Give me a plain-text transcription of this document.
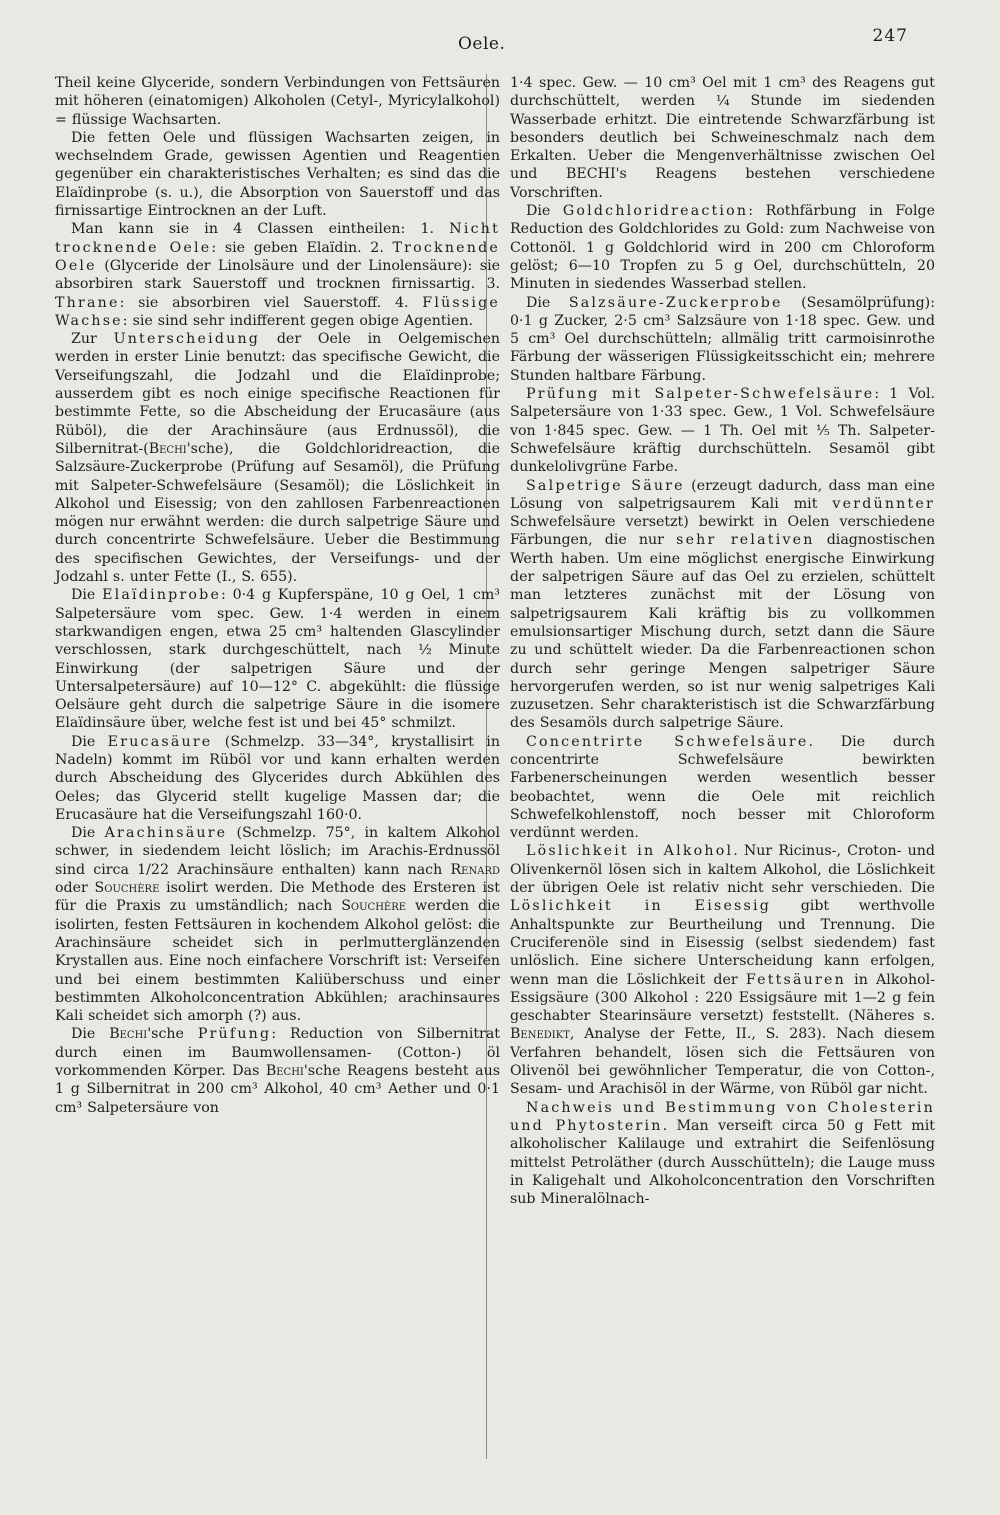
Oele.	247

Theil keine Glyceride, sondern Verbindungen von Fettsäuren mit höheren (einatomigen) Alkoholen (Cetyl-, Myricylalkohol) = flüssige Wachsarten.

Die fetten Oele und flüssigen Wachsarten zeigen, in wechselndem Grade, gewissen Agentien und Reagentien gegenüber ein charakteristisches Verhalten; es sind das die Elaïdinprobe (s. u.), die Absorption von Sauerstoff und das firnissartige Eintrocknen an der Luft.

Man kann sie in 4 Classen eintheilen: 1. Nicht trocknende Oele: sie geben Elaïdin. 2. Trocknende Oele (Glyceride der Linolsäure und der Linolensäure): sie absorbiren stark Sauerstoff und trocknen firnissartig. 3. Thrane: sie absorbiren viel Sauerstoff. 4. Flüssige Wachse: sie sind sehr indifferent gegen obige Agentien.

Zur Unterscheidung der Oele in Oelgemischen werden in erster Linie benutzt: das specifische Gewicht, die Verseifungszahl, die Jodzahl und die Elaïdinprobe; ausserdem gibt es noch einige specifische Reactionen für bestimmte Fette, so die Abscheidung der Erucasäure (aus Rüböl), die der Arachinsäure (aus Erdnussöl), die Silbernitrat-(Bechi'sche), die Goldchloridreaction, die Salzsäure-Zuckerprobe (Prüfung auf Sesamöl), die Prüfung mit Salpeter-Schwefelsäure (Sesamöl); die Löslichkeit in Alkohol und Eisessig; von den zahllosen Farbenreactionen mögen nur erwähnt werden: die durch salpetrige Säure und durch concentrirte Schwefelsäure. Ueber die Bestimmung des specifischen Gewichtes, der Verseifungs- und der Jodzahl s. unter Fette (I., S. 655).

Die Elaïdinprobe: 0·4 g Kupferspäne, 10 g Oel, 1 cm³ Salpetersäure vom spec. Gew. 1·4 werden in einem starkwandigen engen, etwa 25 cm³ haltenden Glascylinder verschlossen, stark durchgeschüttelt, nach ½ Minute Einwirkung (der salpetrigen Säure und der Untersalpetersäure) auf 10—12° C. abgekühlt: die flüssige Oelsäure geht durch die salpetrige Säure in die isomere Elaïdinsäure über, welche fest ist und bei 45° schmilzt.

Die Erucasäure (Schmelzp. 33—34°, krystallisirt in Nadeln) kommt im Rüböl vor und kann erhalten werden durch Abscheidung des Glycerides durch Abkühlen des Oeles; das Glycerid stellt kugelige Massen dar; die Erucasäure hat die Verseifungszahl 160·0.

Die Arachinsäure (Schmelzp. 75°, in kaltem Alkohol schwer, in siedendem leicht löslich; im Arachis-Erdnussöl sind circa 1/22 Arachinsäure enthalten) kann nach Renard oder Souchère isolirt werden. Die Methode des Ersteren ist für die Praxis zu umständlich; nach Souchère werden die isolirten, festen Fettsäuren in kochendem Alkohol gelöst: die Arachinsäure scheidet sich in perlmutterglänzenden Krystallen aus. Eine noch einfachere Vorschrift ist: Verseifen und bei einem bestimmten Kaliüberschuss und einer bestimmten Alkoholconcentration Abkühlen; arachinsaures Kali scheidet sich amorph (?) aus.

Die Bechi'sche Prüfung: Reduction von Silbernitrat durch einen im Baumwollensamen- (Cotton-) öl vorkommenden Körper. Das Bechi'sche Reagens besteht aus 1 g Silbernitrat in 200 cm³ Alkohol, 40 cm³ Aether und 0·1 cm³ Salpetersäure von

1·4 spec. Gew. — 10 cm³ Oel mit 1 cm³ des Reagens gut durchschüttelt, werden ¼ Stunde im siedenden Wasserbade erhitzt. Die eintretende Schwarzfärbung ist besonders deutlich bei Schweineschmalz nach dem Erkalten. Ueber die Mengenverhältnisse zwischen Oel und BECHI's Reagens bestehen verschiedene Vorschriften.

Die Goldchloridreaction: Rothfärbung in Folge Reduction des Goldchlorides zu Gold: zum Nachweise von Cottonöl. 1 g Goldchlorid wird in 200 cm Chloroform gelöst; 6—10 Tropfen zu 5 g Oel, durchschütteln, 20 Minuten in siedendes Wasserbad stellen.

Die Salzsäure-Zuckerprobe (Sesamölprüfung): 0·1 g Zucker, 2·5 cm³ Salzsäure von 1·18 spec. Gew. und 5 cm³ Oel durchschütteln; allmälig tritt carmoisinrothe Färbung der wässerigen Flüssigkeitsschicht ein; mehrere Stunden haltbare Färbung.

Prüfung mit Salpeter-Schwefelsäure: 1 Vol. Salpetersäure von 1·33 spec. Gew., 1 Vol. Schwefelsäure von 1·845 spec. Gew. — 1 Th. Oel mit ⅕ Th. Salpeter-Schwefelsäure kräftig durchschütteln. Sesamöl gibt dunkelolivgrüne Farbe.

Salpetrige Säure (erzeugt dadurch, dass man eine Lösung von salpetrigsaurem Kali mit verdünnter Schwefelsäure versetzt) bewirkt in Oelen verschiedene Färbungen, die nur sehr relativen diagnostischen Werth haben. Um eine möglichst energische Einwirkung der salpetrigen Säure auf das Oel zu erzielen, schüttelt man letzteres zunächst mit der Lösung von salpetrigsaurem Kali kräftig bis zu vollkommen emulsionsartiger Mischung durch, setzt dann die Säure zu und schüttelt wieder. Da die Farbenreactionen schon durch sehr geringe Mengen salpetriger Säure hervorgerufen werden, so ist nur wenig salpetriges Kali zuzusetzen. Sehr charakteristisch ist die Schwarzfärbung des Sesamöls durch salpetrige Säure.

Concentrirte Schwefelsäure. Die durch concentrirte Schwefelsäure bewirkten Farbenerscheinungen werden wesentlich besser beobachtet, wenn die Oele mit reichlich Schwefelkohlenstoff, noch besser mit Chloroform verdünnt werden.

Löslichkeit in Alkohol. Nur Ricinus-, Croton- und Olivenkernöl lösen sich in kaltem Alkohol, die Löslichkeit der übrigen Oele ist relativ nicht sehr verschieden. Die Löslichkeit in Eisessig gibt werthvolle Anhaltspunkte zur Beurtheilung und Trennung. Die Cruciferenöle sind in Eisessig (selbst siedendem) fast unlöslich. Eine sichere Unterscheidung kann erfolgen, wenn man die Löslichkeit der Fettsäuren in Alkohol-Essigsäure (300 Alkohol : 220 Essigsäure mit 1—2 g fein geschabter Stearinsäure versetzt) feststellt. (Näheres s. Benedikt, Analyse der Fette, II., S. 283). Nach diesem Verfahren behandelt, lösen sich die Fettsäuren von Olivenöl bei gewöhnlicher Temperatur, die von Cotton-, Sesam- und Arachisöl in der Wärme, von Rüböl gar nicht.

Nachweis und Bestimmung von Cholesterin und Phytosterin. Man verseift circa 50 g Fett mit alkoholischer Kalilauge und extrahirt die Seifenlösung mittelst Petroläther (durch Ausschütteln); die Lauge muss in Kaligehalt und Alkoholconcentration den Vorschriften sub Mineralölnach-
